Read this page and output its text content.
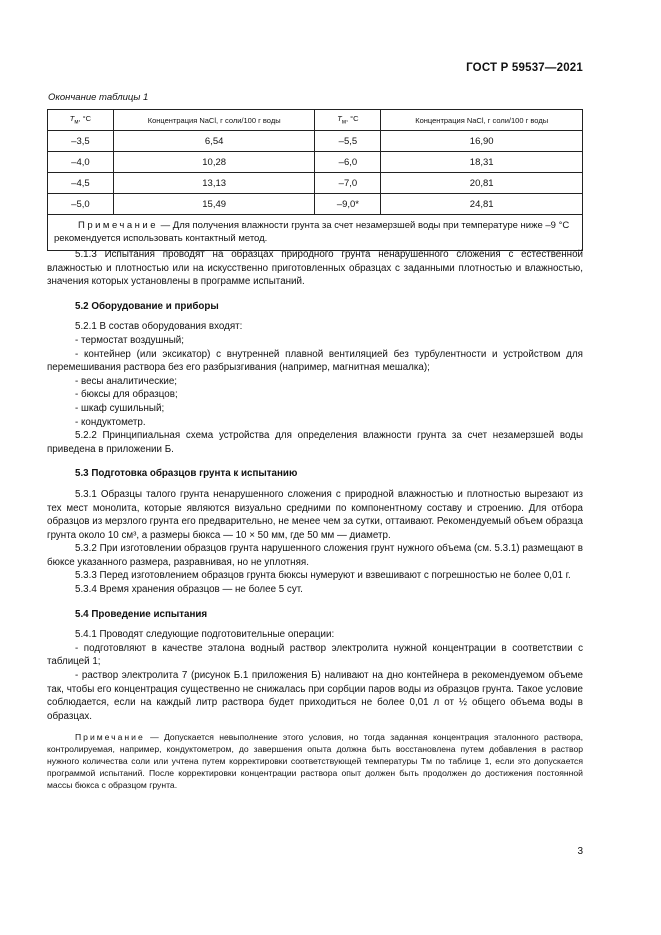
ГОСТ Р 59537—2021
Окончание таблицы 1
$T_м$, °C	Концентрация NaCl, г соли/100 г воды	$T_м$, °C	Концентрация NaCl, г соли/100 г воды
–3,5	6,54	–5,5	16,90
–4,0	10,28	–6,0	18,31
–4,5	13,13	–7,0	20,81
–5,0	15,49	–9,0*	24,81
Примечание — Для получения влажности грунта за счет незамерзшей воды при температуре ниже –9 °С рекомендуется использовать контактный метод.			

5.1.3 Испытания проводят на образцах природного грунта ненарушенного сложения с естественной влажностью и плотностью или на искусственно приготовленных образцах с заданными плотностью и влажностью, значения которых установлены в программе испытаний.

5.2 Оборудование и приборы

5.2.1 В состав оборудования входят:

- термостат воздушный;

- контейнер (или эксикатор) с внутренней плавной вентиляцией без турбулентности и устройством для перемешивания раствора без его разбрызгивания (например, магнитная мешалка);

- весы аналитические;

- бюксы для образцов;

- шкаф сушильный;

- кондуктометр.

5.2.2 Принципиальная схема устройства для определения влажности грунта за счет незамерзшей воды приведена в приложении Б.

5.3 Подготовка образцов грунта к испытанию

5.3.1 Образцы талого грунта ненарушенного сложения с природной влажностью и плотностью вырезают из тех мест монолита, которые являются визуально средними по компонентному составу и строению. Для отбора образцов из мерзлого грунта его предварительно, не менее чем за сутки, оттаивают. Рекомендуемый объем образца грунта около 10 см³, а размеры бюкса — 10 × 50 мм, где 50 мм — диаметр.

5.3.2 При изготовлении образцов грунта нарушенного сложения грунт нужного объема (см. 5.3.1) размещают в бюксе указанного размера, разравнивая, но не уплотняя.

5.3.3 Перед изготовлением образцов грунта бюксы нумеруют и взвешивают с погрешностью не более 0,01 г.

5.3.4 Время хранения образцов — не более 5 сут.

5.4 Проведение испытания

5.4.1 Проводят следующие подготовительные операции:

- подготовляют в качестве эталона водный раствор электролита нужной концентрации в соответствии с таблицей 1;

- раствор электролита 7 (рисунок Б.1 приложения Б) наливают на дно контейнера в рекомендуемом объеме так, чтобы его концентрация существенно не снижалась при сорбции паров воды из образцов грунта. Такое условие соблюдается, если на каждый литр раствора будет приходиться не более 0,01 л от ½ общего объема воды в образцах.

Примечание — Допускается невыполнение этого условия, но тогда заданная концентрация эталонного раствора, контролируемая, например, кондуктометром, до завершения опыта должна быть восстановлена путем добавления в раствор нужного количества соли или учтена путем корректировки соответствующей температуры Tм по таблице 1, если это допускается программой испытаний. После корректировки концентрации раствора опыт должен быть продолжен до достижения постоянной массы бюкса с образцом грунта.

3
